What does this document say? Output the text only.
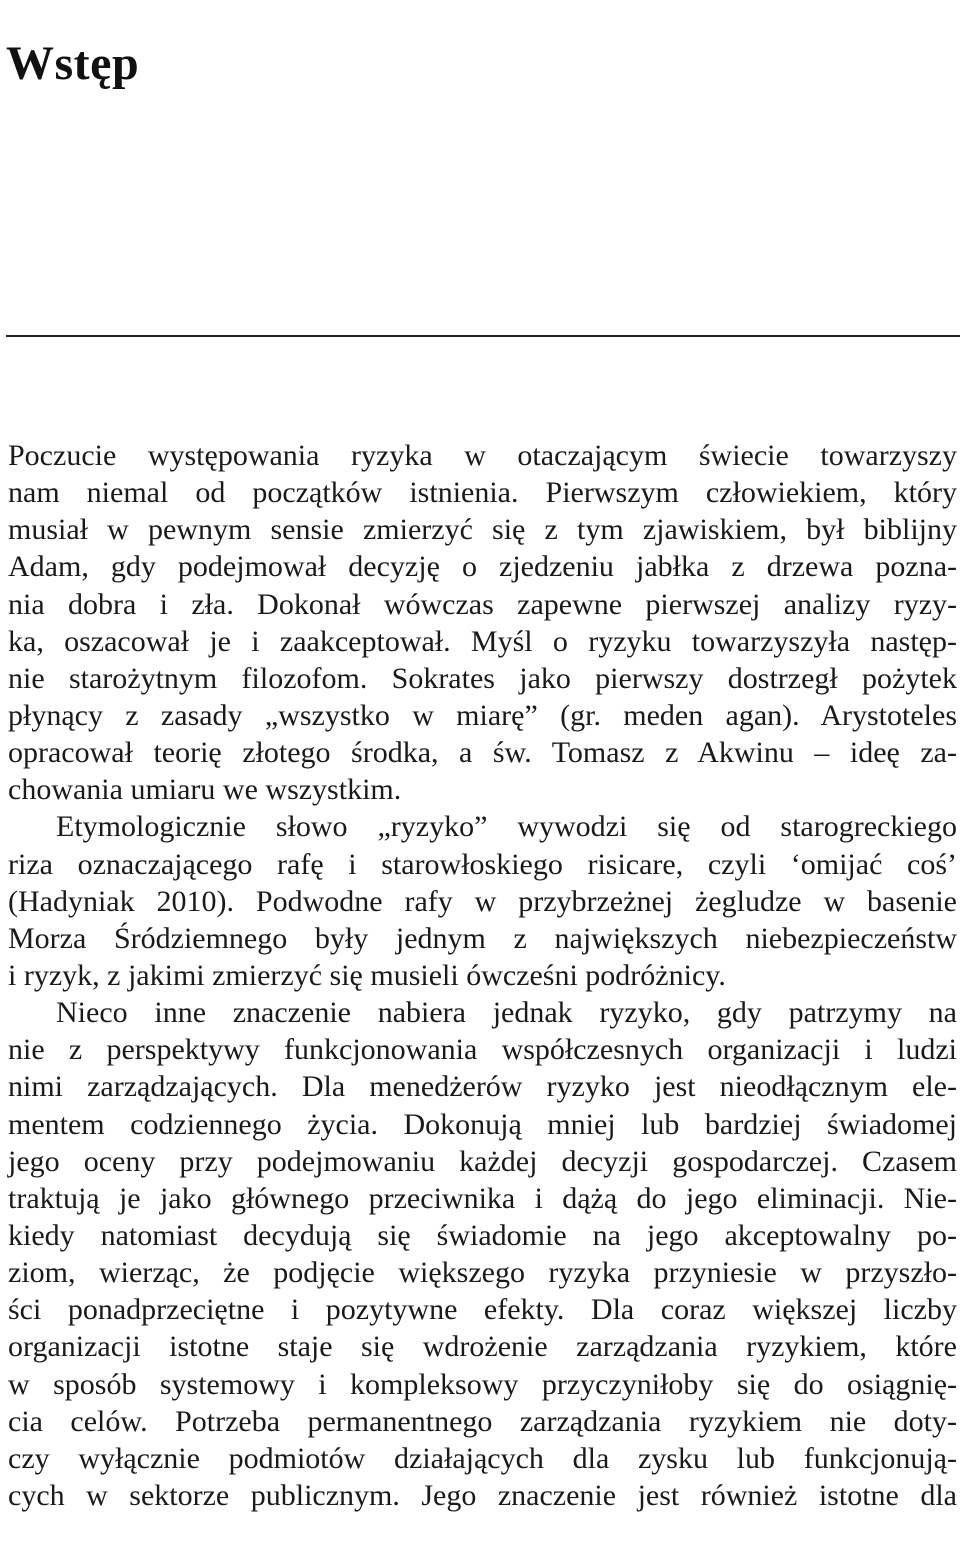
Wstęp
Poczucie występowania ryzyka w otaczającym świecie towarzyszy
nam niemal od początków istnienia. Pierwszym człowiekiem, który
musiał w pewnym sensie zmierzyć się z tym zjawiskiem, był biblijny
Adam, gdy podejmował decyzję o zjedzeniu jabłka z drzewa pozna-
nia dobra i zła. Dokonał wówczas zapewne pierwszej analizy ryzy-
ka, oszacował je i zaakceptował. Myśl o ryzyku towarzyszyła następ-
nie starożytnym filozofom. Sokrates jako pierwszy dostrzegł pożytek
płynący z zasady „wszystko w miarę” (gr. meden agan). Arystoteles
opracował teorię złotego środka, a św. Tomasz z Akwinu – ideę za-
chowania umiaru we wszystkim.
Etymologicznie słowo „ryzyko” wywodzi się od starogreckiego
riza oznaczającego rafę i starowłoskiego risicare, czyli ‘omijać coś’
(Hadyniak 2010). Podwodne rafy w przybrzeżnej żegludze w basenie
Morza Śródziemnego były jednym z największych niebezpieczeństw
i ryzyk, z jakimi zmierzyć się musieli ówcześni podróżnicy.
Nieco inne znaczenie nabiera jednak ryzyko, gdy patrzymy na
nie z perspektywy funkcjonowania współczesnych organizacji i ludzi
nimi zarządzających. Dla menedżerów ryzyko jest nieodłącznym ele-
mentem codziennego życia. Dokonują mniej lub bardziej świadomej
jego oceny przy podejmowaniu każdej decyzji gospodarczej. Czasem
traktują je jako głównego przeciwnika i dążą do jego eliminacji. Nie-
kiedy natomiast decydują się świadomie na jego akceptowalny po-
ziom, wierząc, że podjęcie większego ryzyka przyniesie w przyszło-
ści ponadprzeciętne i pozytywne efekty. Dla coraz większej liczby
organizacji istotne staje się wdrożenie zarządzania ryzykiem, które
w sposób systemowy i kompleksowy przyczyniłoby się do osiągnię-
cia celów. Potrzeba permanentnego zarządzania ryzykiem nie doty-
czy wyłącznie podmiotów działających dla zysku lub funkcjonują-
cych w sektorze publicznym. Jego znaczenie jest również istotne dla
